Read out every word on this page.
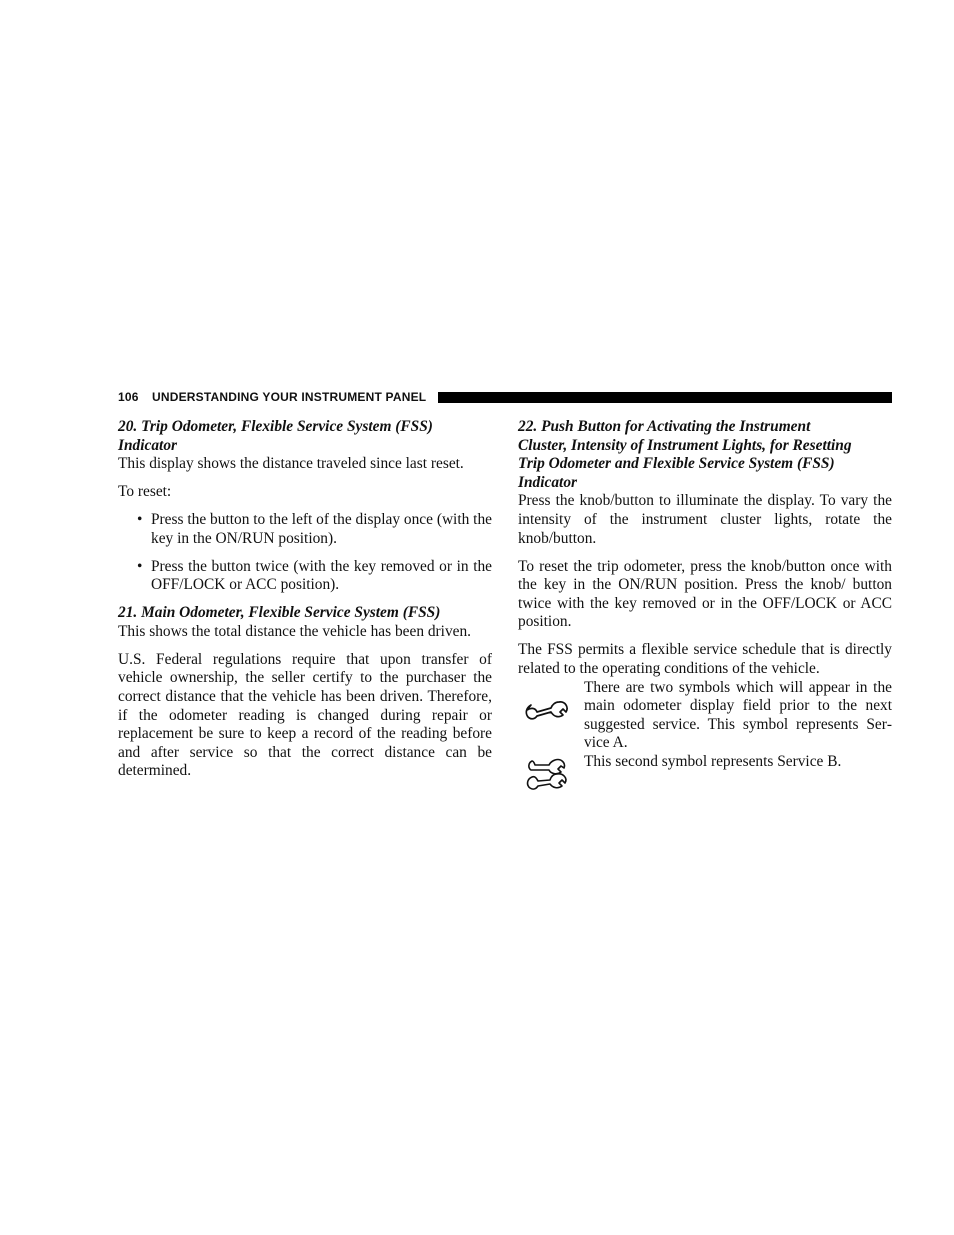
106 UNDERSTANDING YOUR INSTRUMENT PANEL
20. Trip Odometer, Flexible Service System (FSS)
Indicator

This display shows the distance traveled since last reset.

To reset:

• Press the button to the left of the display once (with the key in the ON/RUN position).
• Press the button twice (with the key removed or in the OFF/LOCK or ACC position).
21. Main Odometer, Flexible Service System (FSS)

This shows the total distance the vehicle has been driven.

U.S. Federal regulations require that upon transfer of vehicle ownership, the seller certify to the purchaser the correct distance that the vehicle has been driven. Therefore, if the odometer reading is changed during repair or replacement be sure to keep a record of the reading before and after service so that the correct distance can be determined.

22. Push Button for Activating the Instrument
Cluster, Intensity of Instrument Lights, for Resetting
Trip Odometer and Flexible Service System (FSS)
Indicator

Press the knob/button to illuminate the display. To vary the intensity of the instrument cluster lights, rotate the knob/button.

To reset the trip odometer, press the knob/button once with the key in the ON/RUN position. Press the knob/ button twice with the key removed or in the OFF/LOCK or ACC position.

The FSS permits a flexible service schedule that is directly related to the operating conditions of the vehicle.

There are two symbols which will appear in the main odometer display field prior to the next suggested service. This symbol represents Service A.

This second symbol represents Service B.
